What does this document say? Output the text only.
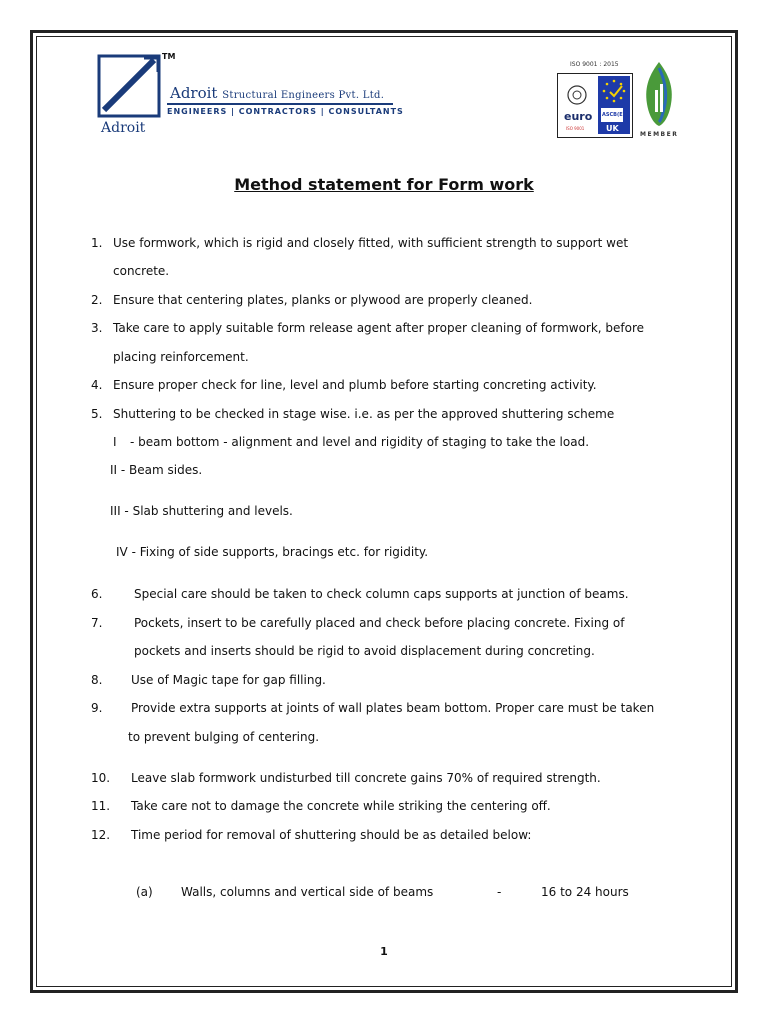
TM
Adroit
Adroit Structural Engineers Pvt. Ltd.
ENGINEERS | CONTRACTORS | CONSULTANTS
ISO 9001 : 2015
euro
ISO 9001
ASCB(E)
UK
MEMBER
Method statement for Form work
1. Use formwork, which is rigid and closely fitted, with sufficient strength to support wet
concrete.
2. Ensure that centering plates, planks or plywood are properly cleaned.
3. Take care to apply suitable form release agent after proper cleaning of formwork, before
placing reinforcement.
4. Ensure proper check for line, level and plumb before starting concreting activity.
5. Shuttering to be checked in stage wise. i.e. as per the approved shuttering scheme
I - beam bottom - alignment and level and rigidity of staging to take the load.
II - Beam sides.
III - Slab shuttering and levels.
IV - Fixing of side supports, bracings etc. for rigidity.
6.	Special care should be taken to check column caps supports at junction of beams.
7.	Pockets, insert to be carefully placed and check before placing concrete. Fixing of
pockets and inserts should be rigid to avoid displacement during concreting.
8. Use of Magic tape for gap filling.
9. Provide extra supports at joints of wall plates beam bottom. Proper care must be taken
to prevent bulging of centering.
10. Leave slab formwork undisturbed till concrete gains 70% of required strength.
11. Take care not to damage the concrete while striking the centering off.
12. Time period for removal of shuttering should be as detailed below:
(a) Walls, columns and vertical side of beams	-	16 to 24 hours
1
